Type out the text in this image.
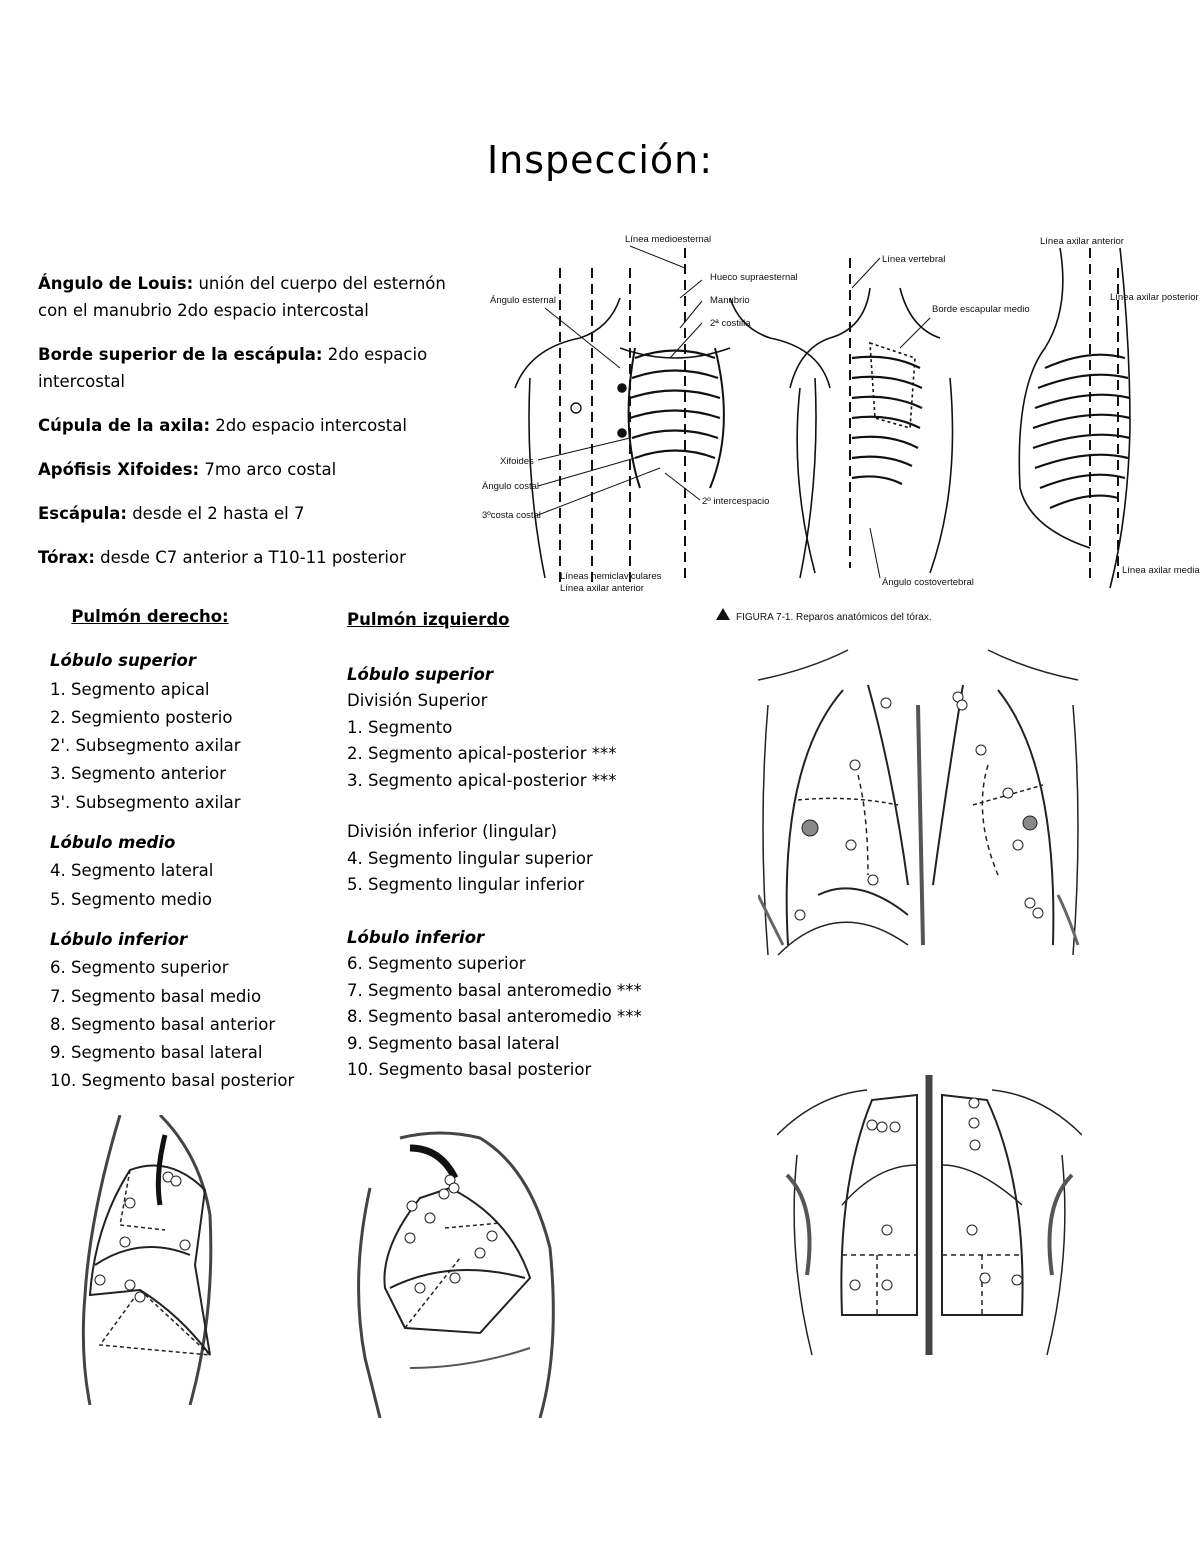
Inspección:

Ángulo de Louis: unión del cuerpo del esternón con el manubrio 2do espacio intercostal

Borde superior de la escápula: 2do espacio intercostal

Cúpula de la axila: 2do espacio intercostal

Apófisis Xifoides: 7mo arco costal

Escápula: desde el 2 hasta el 7

Tórax: desde C7 anterior a T10-11 posterior

Pulmón derecho:
Lóbulo superior
1. Segmento apical
2. Segmiento posterio
2'. Subsegmento axilar
3. Segmento anterior
3'. Subsegmento axilar
Lóbulo medio
4. Segmento lateral
5. Segmento medio
Lóbulo inferior
6. Segmento superior
7. Segmento basal medio
8. Segmento basal anterior
9. Segmento basal lateral
10. Segmento basal posterior
Pulmón izquierdo
Lóbulo superior
División Superior
1. Segmento
2. Segmento apical-posterior ***
3. Segmento apical-posterior ***
División inferior (lingular)
4. Segmento lingular superior
5. Segmento lingular inferior
Lóbulo inferior
6. Segmento superior
7. Segmento basal anteromedio ***
8. Segmento basal anteromedio ***
9. Segmento basal lateral
10. Segmento basal posterior
Línea medioesternal
Hueco supraesternal
Manubrio
2ª costilla
Ángulo esternal
Xifoides
Ángulo costal
3ºcosta costal
2º intercespacio
Líneas hemiclaviculares
Línea axilar anterior
Línea vertebral
Borde escapular medio
Ángulo costovertebral
Línea axilar anterior
Línea axilar posterior
Línea axilar media
FIGURA 7-1. Reparos anatómicos del tórax.
